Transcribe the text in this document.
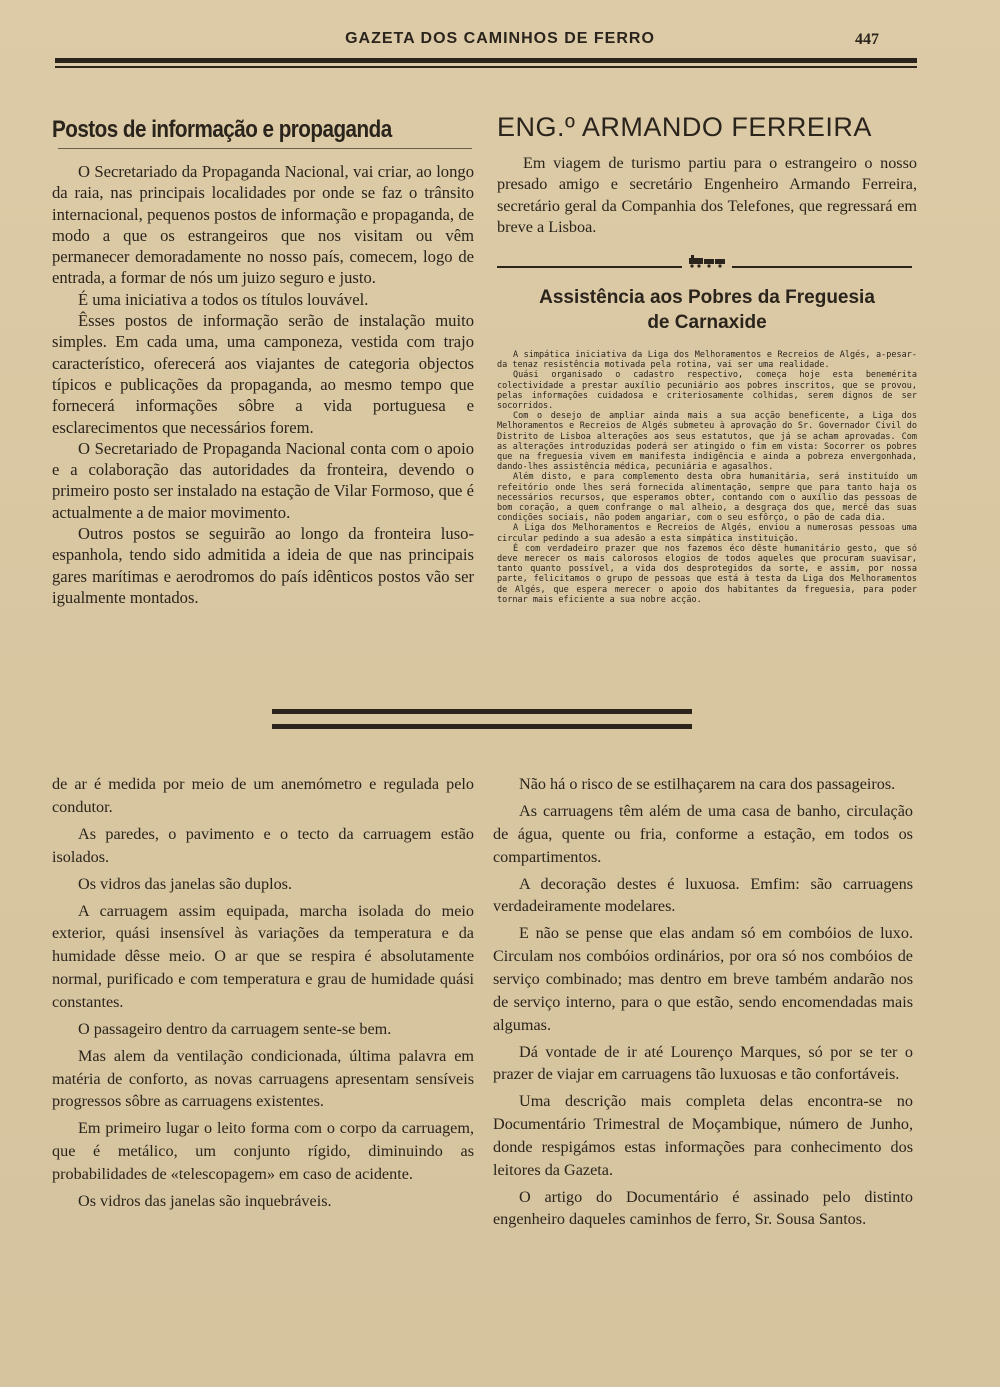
GAZETA DOS CAMINHOS DE FERRO	447
Postos de informação e propaganda

O Secretariado da Propaganda Nacional, vai criar, ao longo da raia, nas principais localidades por onde se faz o trânsito internacional, pequenos postos de informação e propaganda, de modo a que os estrangeiros que nos visitam ou vêm permanecer demoradamente no nosso país, comecem, logo de entrada, a formar de nós um juizo seguro e justo.

É uma iniciativa a todos os títulos louvável.

Êsses postos de informação serão de instalação muito simples. Em cada uma, uma camponeza, vestida com trajo característico, oferecerá aos viajantes de categoria objectos típicos e publicações da propaganda, ao mesmo tempo que fornecerá informações sôbre a vida portuguesa e esclarecimentos que necessários forem.

O Secretariado de Propaganda Nacional conta com o apoio e a colaboração das autoridades da fronteira, devendo o primeiro posto ser instalado na estação de Vilar Formoso, que é actualmente a de maior movimento.

Outros postos se seguirão ao longo da fronteira luso-espanhola, tendo sido admitida a ideia de que nas principais gares marítimas e aerodromos do país idênticos postos vão ser igualmente montados.

ENG.º ARMANDO FERREIRA

Em viagem de turismo partiu para o estrangeiro o nosso presado amigo e secretário Engenheiro Armando Ferreira, secretário geral da Companhia dos Telefones, que regressará em breve a Lisboa.

Assistência aos Pobres da Freguesia
de Carnaxide

A simpática iniciativa da Liga dos Melhoramentos e Recreios de Algés, a-pesar-da tenaz resistência motivada pela rotina, vai ser uma realidade.

Quási organisado o cadastro respectivo, começa hoje esta benemérita colectividade a prestar auxílio pecuniário aos pobres inscritos, que se provou, pelas informações cuidadosa e criteriosamente colhidas, serem dignos de ser socorridos.

Com o desejo de ampliar ainda mais a sua acção beneficente, a Liga dos Melhoramentos e Recreios de Algés submeteu à aprovação do Sr. Governador Civil do Distrito de Lisboa alterações aos seus estatutos, que já se acham aprovadas. Com as alterações introduzidas poderá ser atingido o fim em vista: Socorrer os pobres que na freguesia vivem em manifesta indigência e ainda a pobreza envergonhada, dando-lhes assistência médica, pecuniária e agasalhos.

Além disto, e para complemento desta obra humanitária, será instituído um refeitório onde lhes será fornecida alimentação, sempre que para tanto haja os necessários recursos, que esperamos obter, contando com o auxílio das pessoas de bom coração, a quem confrange o mal alheio, a desgraça dos que, mercê das suas condições sociais, não podem angariar, com o seu esfôrço, o pão de cada dia.

A Liga dos Melhoramentos e Recreios de Algés, enviou a numerosas pessoas uma circular pedindo a sua adesão a esta simpática instituição.

É com verdadeiro prazer que nos fazemos éco dêste humanitário gesto, que só deve merecer os mais calorosos elogios de todos aqueles que procuram suavisar, tanto quanto possível, a vida dos desprotegidos da sorte, e assim, por nossa parte, felicitamos o grupo de pessoas que está à testa da Liga dos Melhoramentos de Algés, que espera merecer o apoio dos habitantes da freguesia, para poder tornar mais eficiente a sua nobre acção.

de ar é medida por meio de um anemómetro e regulada pelo condutor.

As paredes, o pavimento e o tecto da carruagem estão isolados.

Os vidros das janelas são duplos.

A carruagem assim equipada, marcha isolada do meio exterior, quási insensível às variações da temperatura e da humidade dêsse meio. O ar que se respira é absolutamente normal, purificado e com temperatura e grau de humidade quási constantes.

O passageiro dentro da carruagem sente-se bem.

Mas alem da ventilação condicionada, última palavra em matéria de conforto, as novas carruagens apresentam sensíveis progressos sôbre as carruagens existentes.

Em primeiro lugar o leito forma com o corpo da carruagem, que é metálico, um conjunto rígido, diminuindo as probabilidades de «telescopagem» em caso de acidente.

Os vidros das janelas são inquebráveis.

Não há o risco de se estilhaçarem na cara dos passageiros.

As carruagens têm além de uma casa de banho, circulação de água, quente ou fria, conforme a estação, em todos os compartimentos.

A decoração destes é luxuosa. Emfim: são carruagens verdadeiramente modelares.

E não se pense que elas andam só em combóios de luxo. Circulam nos combóios ordinários, por ora só nos combóios de serviço combinado; mas dentro em breve também andarão nos de serviço interno, para o que estão, sendo encomendadas mais algumas.

Dá vontade de ir até Lourenço Marques, só por se ter o prazer de viajar em carruagens tão luxuosas e tão confortáveis.

Uma descrição mais completa delas encontra-se no Documentário Trimestral de Moçambique, número de Junho, donde respigámos estas informações para conhecimento dos leitores da Gazeta.

O artigo do Documentário é assinado pelo distinto engenheiro daqueles caminhos de ferro, Sr. Sousa Santos.
